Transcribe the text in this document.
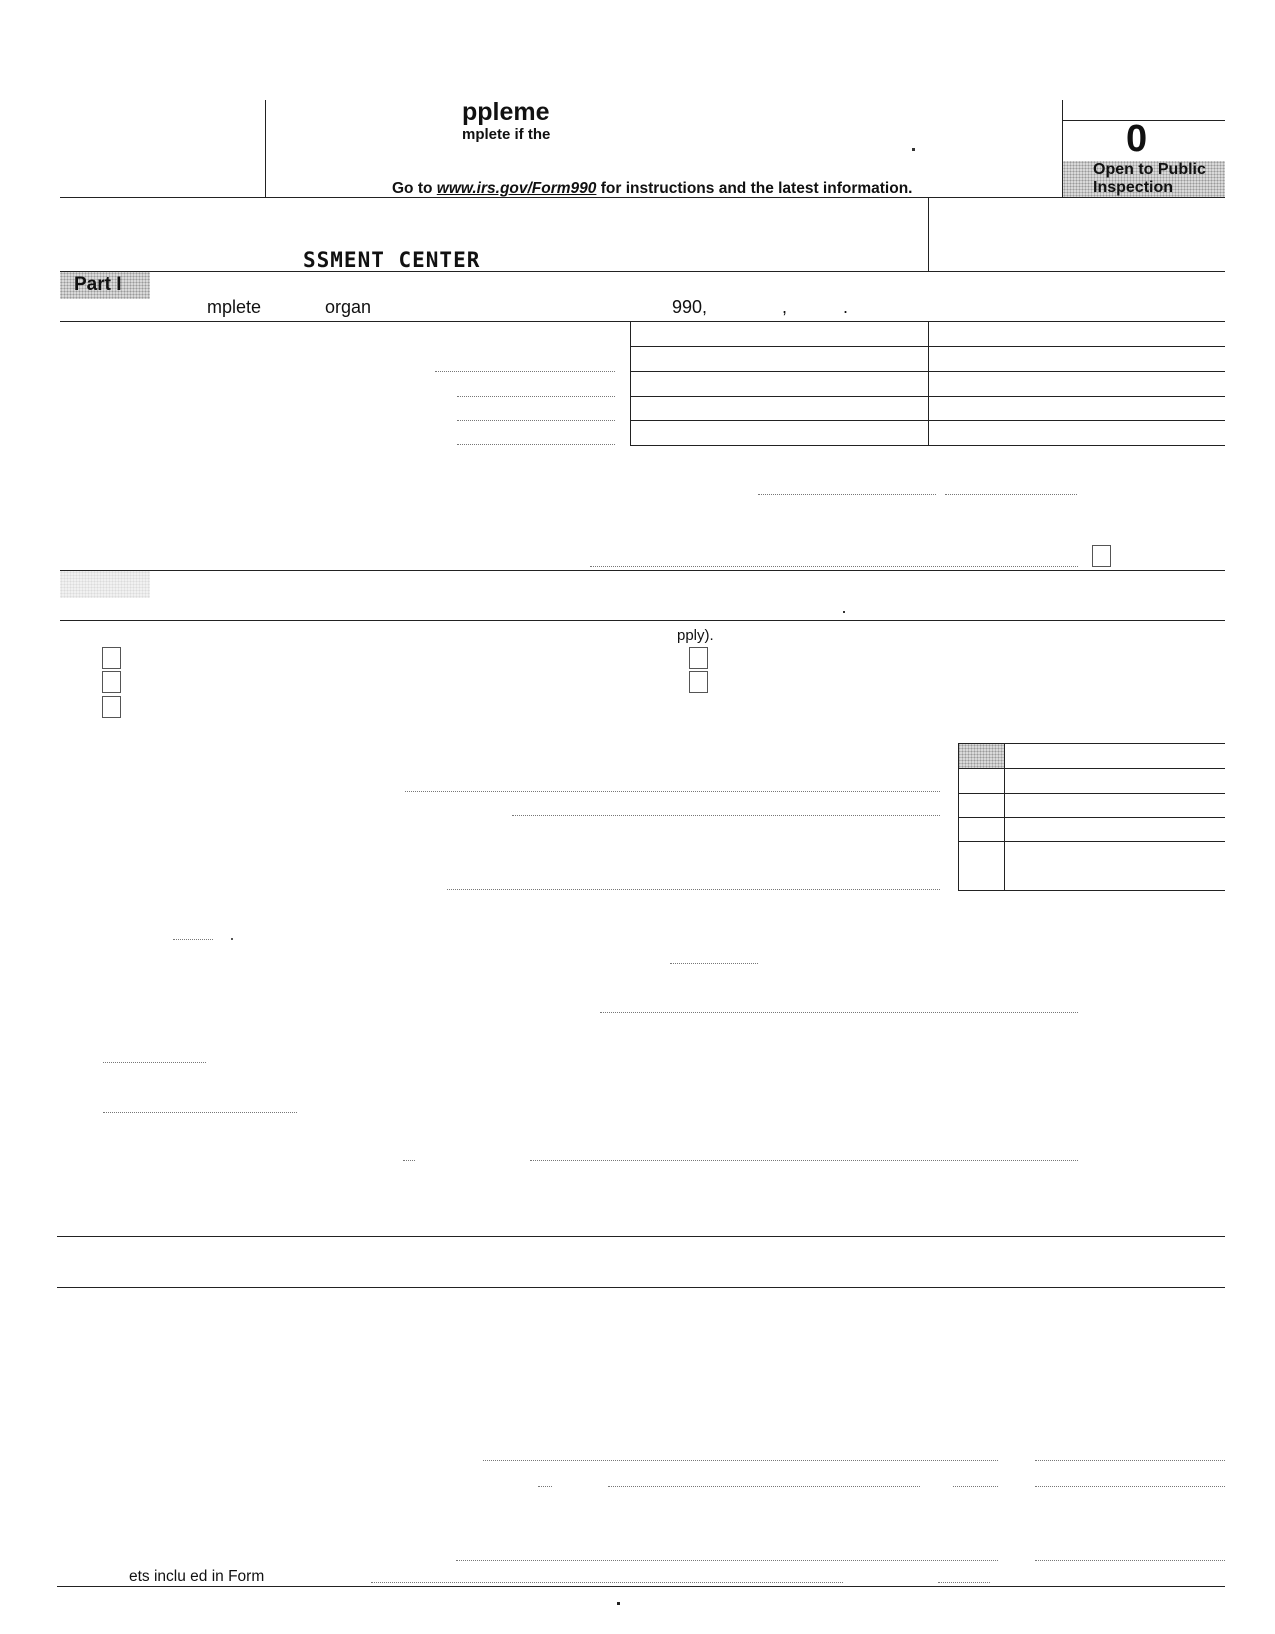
ppleme
mplete if the
Go to www.irs.gov/Form990 for instructions and the latest information.
0
Open to Public
Inspection
SSMENT CENTER
Part I
mplete	organ	990,	,	.
pply).
ets inclu ed in Form
